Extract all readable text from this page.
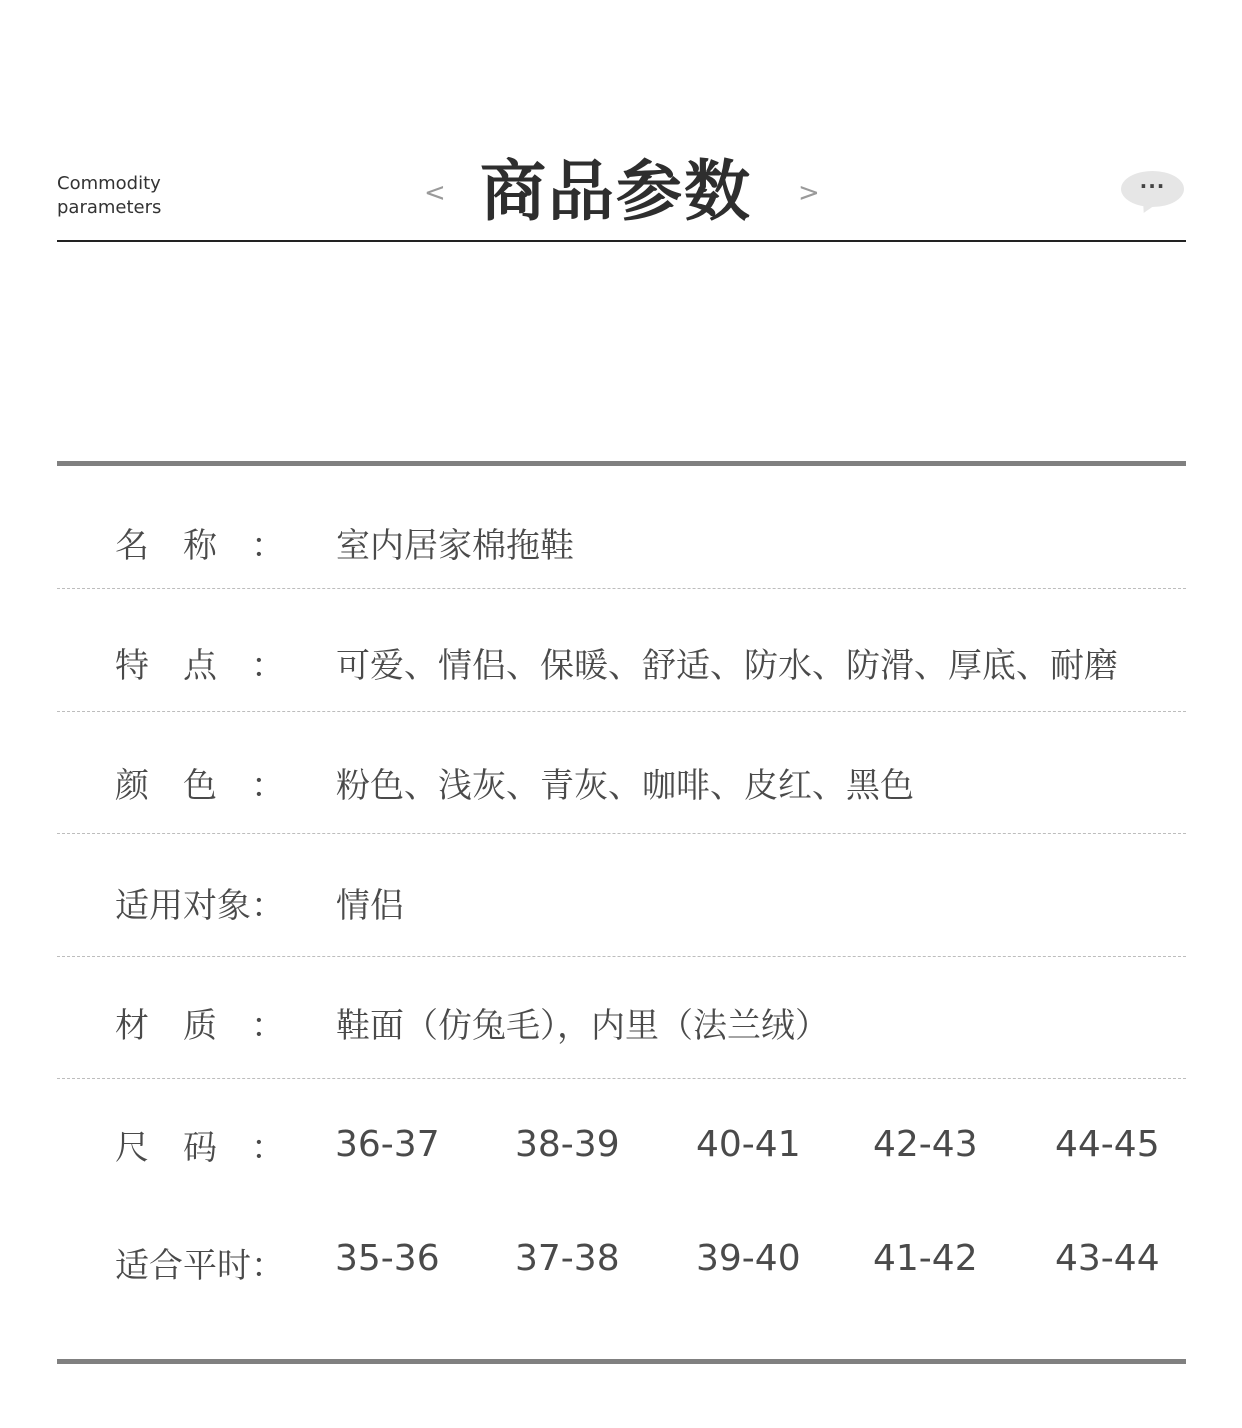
Commodity
parameters	< 商品参数 >	···
名　称　： 室内居家棉拖鞋
特　点　： 可爱、情侣、保暖、舒适、防水、防滑、厚底、耐磨
颜　色　： 粉色、浅灰、青灰、咖啡、皮红、黑色
适用对象： 情侣
材　质　： 鞋面（仿兔毛），内里（法兰绒）
尺　码　： 36-37 38-39 40-41 42-43 44-45
适合平时： 35-36 37-38 39-40 41-42 43-44
